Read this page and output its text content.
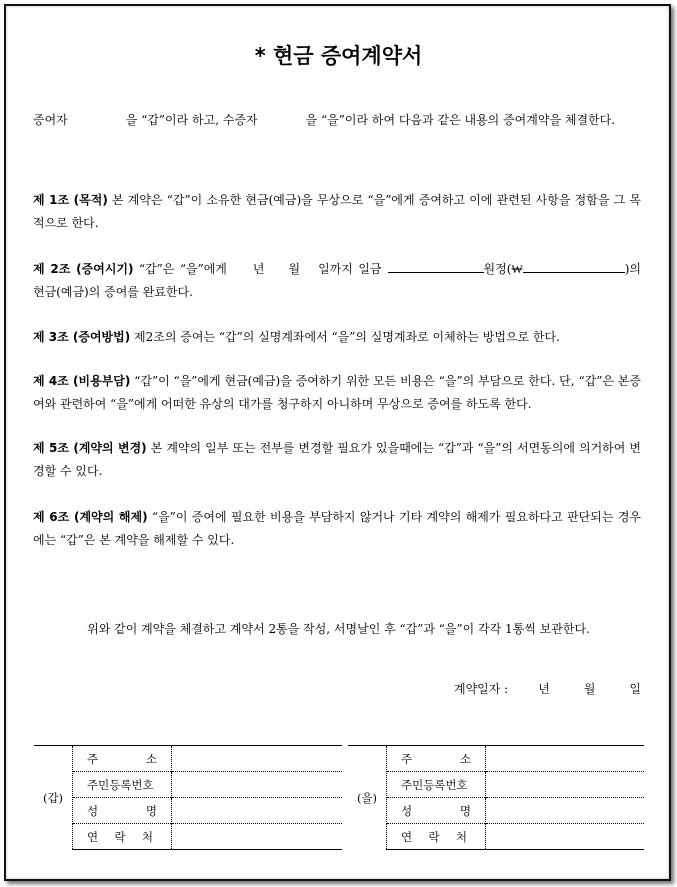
* 현금 증여계약서
증여자	을 “갑”이라 하고, 수증자	을 “을”이라 하여 다음과 같은 내용의 증여계약을 체결한다.
제 1조 (목적) 본 계약은 “갑”이 소유한 현금(예금)을 무상으로 “을”에게 증여하고 이에 관련된 사항을 정함을 그 목적으로 한다.
제 2조 (증여시기) “갑”은 “을”에게 년 월 일까지 일금	원정(₩	)의 현금(예금)의 증여를 완료한다.
제 3조 (증여방법) 제2조의 증여는 “갑”의 실명계좌에서 “을”의 실명계좌로 이체하는 방법으로 한다.
제 4조 (비용부담) “갑”이 “을”에게 현금(예금)을 증여하기 위한 모든 비용은 “을”의 부담으로 한다. 단, “갑”은 본증여와 관련하여 “을”에게 어떠한 유상의 대가를 청구하지 아니하며 무상으로 증여를 하도록 한다.
제 5조 (계약의 변경) 본 계약의 일부 또는 전부를 변경할 필요가 있을때에는 “갑”과 “을”의 서면동의에 의거하여 변경할 수 있다.
제 6조 (계약의 해제) “을”이 증여에 필요한 비용을 부담하지 않거나 기타 계약의 해제가 필요하다고 판단되는 경우에는 “갑”은 본 계약을 해제할 수 있다.
위와 같이 계약을 체결하고 계약서 2통을 작성, 서명날인 후 “갑”과 “을”이 각각 1통씩 보관한다.
계약일자 :	년	월	일
(갑)	주 소	

	주민등록번호	

	성 명	

	연 락 처	

(을)	주 소	

	주민등록번호	

	성 명	

	연 락 처	
